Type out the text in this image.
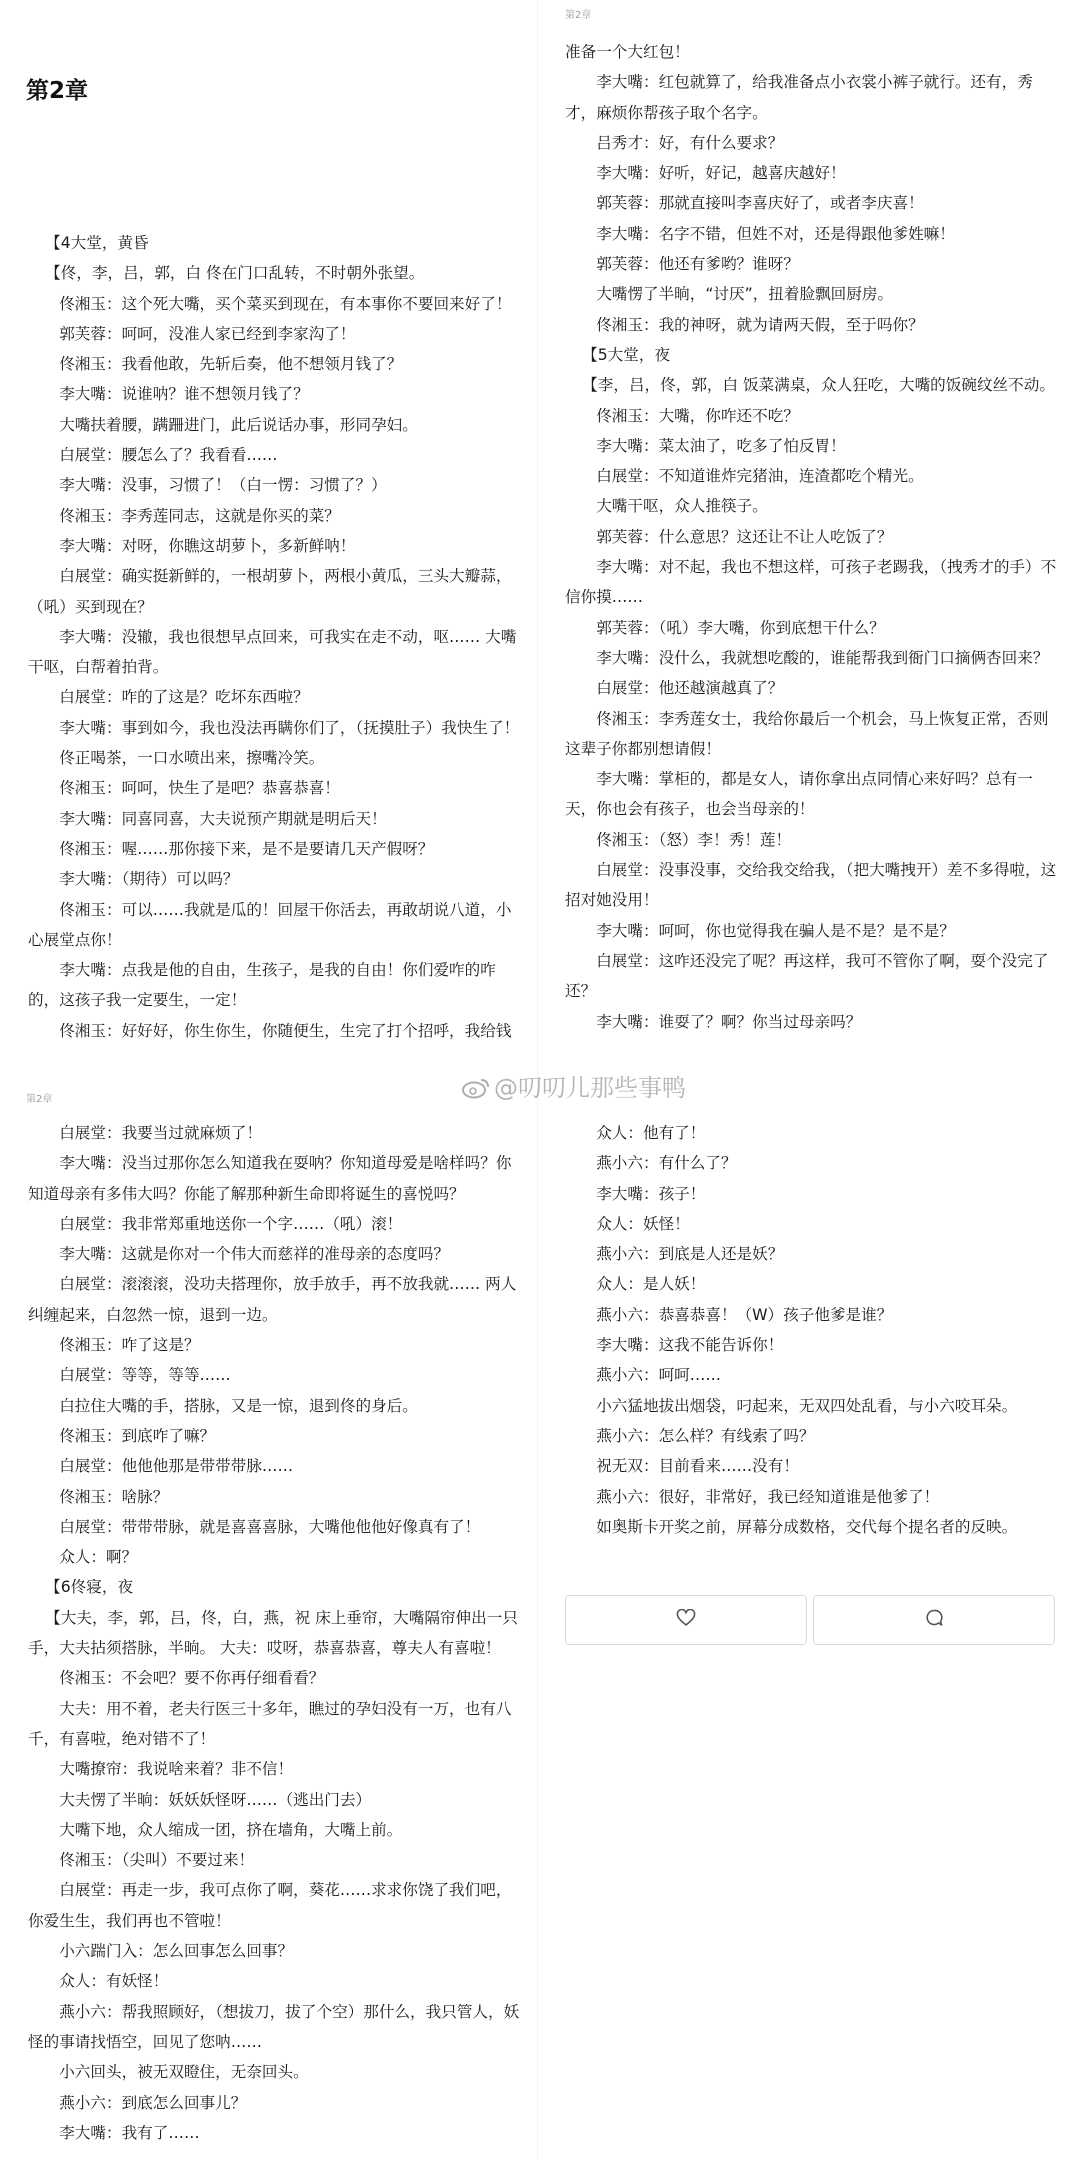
第2章
第2章
第2章

【4大堂，黄昏

【佟，李，吕，郭，白 佟在门口乱转，不时朝外张望。

佟湘玉：这个死大嘴，买个菜买到现在，有本事你不要回来好了！

郭芙蓉：呵呵，没准人家已经到李家沟了！

佟湘玉：我看他敢，先斩后奏，他不想领月钱了？

李大嘴：说谁呐？谁不想领月钱了？

大嘴扶着腰，蹒跚进门，此后说话办事，形同孕妇。

白展堂：腰怎么了？我看看……

李大嘴：没事，习惯了！（白一愣：习惯了？）

佟湘玉：李秀莲同志，这就是你买的菜？

李大嘴：对呀，你瞧这胡萝卜，多新鲜呐！

白展堂：确实挺新鲜的，一根胡萝卜，两根小黄瓜，三头大瓣蒜，（吼）买到现在？

李大嘴：没辙，我也很想早点回来，可我实在走不动，呕…… 大嘴干呕，白帮着拍背。

白展堂：咋的了这是？吃坏东西啦？

李大嘴：事到如今，我也没法再瞒你们了，（抚摸肚子）我快生了！

佟正喝茶，一口水喷出来，擦嘴冷笑。

佟湘玉：呵呵，快生了是吧？恭喜恭喜！

李大嘴：同喜同喜，大夫说预产期就是明后天！

佟湘玉：喔……那你接下来，是不是要请几天产假呀？

李大嘴：（期待）可以吗？

佟湘玉：可以……我就是瓜的！回屋干你活去，再敢胡说八道，小心展堂点你！

李大嘴：点我是他的自由，生孩子，是我的自由！你们爱咋的咋的，这孩子我一定要生，一定！

佟湘玉：好好好，你生你生，你随便生，生完了打个招呼，我给钱

准备一个大红包！

李大嘴：红包就算了，给我准备点小衣裳小裤子就行。还有，秀才，麻烦你帮孩子取个名字。

吕秀才：好，有什么要求？

李大嘴：好听，好记，越喜庆越好！

郭芙蓉：那就直接叫李喜庆好了，或者李庆喜！

李大嘴：名字不错，但姓不对，还是得跟他爹姓嘛！

郭芙蓉：他还有爹哟？谁呀？

大嘴愣了半晌，“讨厌”，扭着脸飘回厨房。

佟湘玉：我的神呀，就为请两天假，至于吗你？

【5大堂，夜

【李，吕，佟，郭，白 饭菜满桌，众人狂吃，大嘴的饭碗纹丝不动。

佟湘玉：大嘴，你咋还不吃？

李大嘴：菜太油了，吃多了怕反胃！

白展堂：不知道谁炸完猪油，连渣都吃个精光。

大嘴干呕，众人推筷子。

郭芙蓉：什么意思？这还让不让人吃饭了？

李大嘴：对不起，我也不想这样，可孩子老踢我，（拽秀才的手）不信你摸……

郭芙蓉：（吼）李大嘴，你到底想干什么？

李大嘴：没什么，我就想吃酸的，谁能帮我到衙门口摘俩杏回来？

白展堂：他还越演越真了？

佟湘玉：李秀莲女士，我给你最后一个机会，马上恢复正常，否则这辈子你都别想请假！

李大嘴：掌柜的，都是女人，请你拿出点同情心来好吗？总有一天，你也会有孩子，也会当母亲的！

佟湘玉：（怒）李！秀！莲！

白展堂：没事没事，交给我交给我，（把大嘴拽开）差不多得啦，这招对她没用！

李大嘴：呵呵，你也觉得我在骗人是不是？是不是？

白展堂：这咋还没完了呢？再这样，我可不管你了啊，耍个没完了还？

李大嘴：谁耍了？啊？你当过母亲吗？

白展堂：我要当过就麻烦了！

李大嘴：没当过那你怎么知道我在耍呐？你知道母爱是啥样吗？你知道母亲有多伟大吗？你能了解那种新生命即将诞生的喜悦吗？

白展堂：我非常郑重地送你一个字……（吼）滚！

李大嘴：这就是你对一个伟大而慈祥的准母亲的态度吗？

白展堂：滚滚滚，没功夫搭理你，放手放手，再不放我就…… 两人纠缠起来，白忽然一惊，退到一边。

佟湘玉：咋了这是？

白展堂：等等，等等……

白拉住大嘴的手，搭脉，又是一惊，退到佟的身后。

佟湘玉：到底咋了嘛？

白展堂：他他他那是带带带脉……

佟湘玉：啥脉？

白展堂：带带带脉，就是喜喜喜脉，大嘴他他他好像真有了！

众人：啊？

【6佟寝，夜

【大夫，李，郭，吕，佟，白，燕，祝 床上垂帘，大嘴隔帘伸出一只手，大夫拈须搭脉，半晌。 大夫：哎呀，恭喜恭喜，尊夫人有喜啦！

佟湘玉：不会吧？要不你再仔细看看？

大夫：用不着，老夫行医三十多年，瞧过的孕妇没有一万，也有八千，有喜啦，绝对错不了！

大嘴撩帘：我说啥来着？非不信！

大夫愣了半晌：妖妖妖怪呀……（逃出门去）

大嘴下地，众人缩成一团，挤在墙角，大嘴上前。

佟湘玉：（尖叫）不要过来！

白展堂：再走一步，我可点你了啊，葵花……求求你饶了我们吧，你爱生生，我们再也不管啦！

小六踹门入：怎么回事怎么回事？

众人：有妖怪！

燕小六：帮我照顾好，（想拔刀，拔了个空）那什么，我只管人，妖怪的事请找悟空，回见了您呐……

小六回头，被无双瞪住，无奈回头。

燕小六：到底怎么回事儿？

李大嘴：我有了……

众人：他有了！

燕小六：有什么了？

李大嘴：孩子！

众人：妖怪！

燕小六：到底是人还是妖？

众人：是人妖！

燕小六：恭喜恭喜！（W）孩子他爹是谁？

李大嘴：这我不能告诉你！

燕小六：呵呵……

小六猛地拔出烟袋，叼起来，无双四处乱看，与小六咬耳朵。

燕小六：怎么样？有线索了吗？

祝无双：目前看来……没有！

燕小六：很好，非常好，我已经知道谁是他爹了！

如奥斯卡开奖之前，屏幕分成数格，交代每个提名者的反映。

@叨叨儿那些事鸭
